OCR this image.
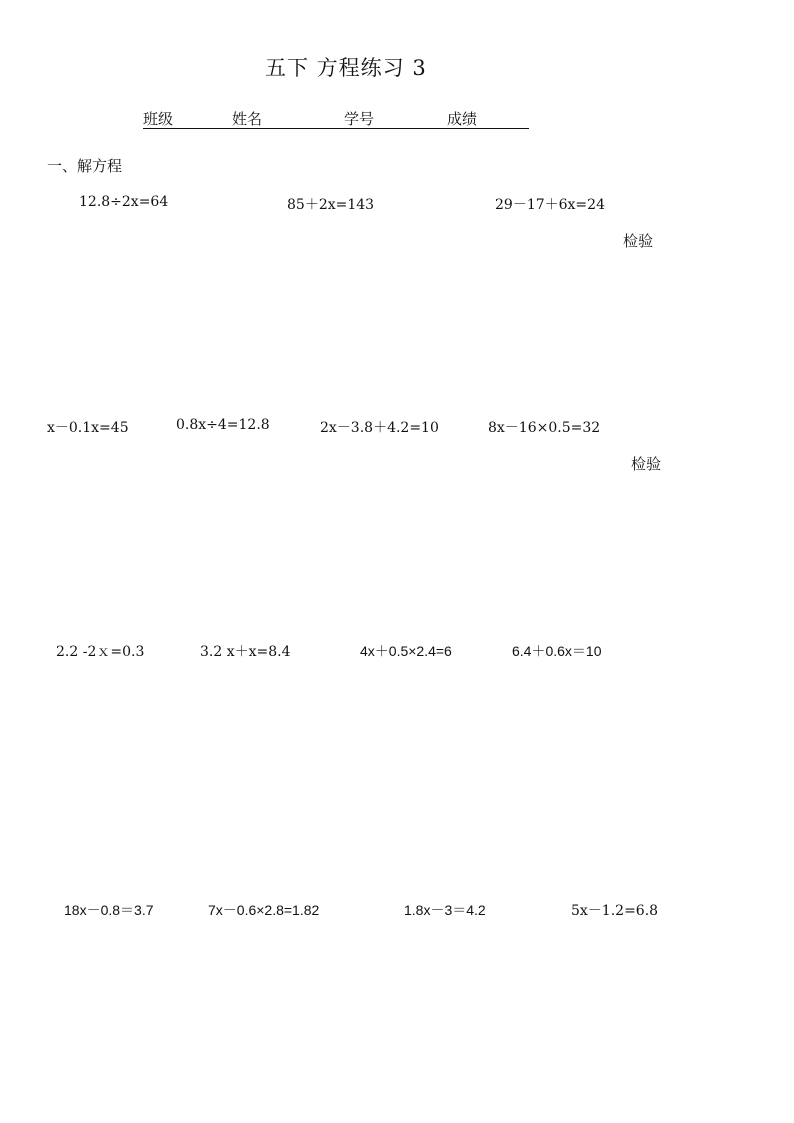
五下 方程练习 3
班级	姓名	学号	成绩
一、解方程
12.8÷2x=64	85＋2x=143	29－17＋6x=24
检验
x－0.1x=45	0.8x÷4=12.8	2x－3.8＋4.2=10	8x－16×0.5=32
检验
2.2 -2ｘ=0.3	3.2 x＋x=8.4	4x＋0.5×2.4=6	6.4＋0.6x＝10
18x－0.8＝3.7	7x－0.6×2.8=1.82	1.8x－3＝4.2	5x－1.2=6.8
